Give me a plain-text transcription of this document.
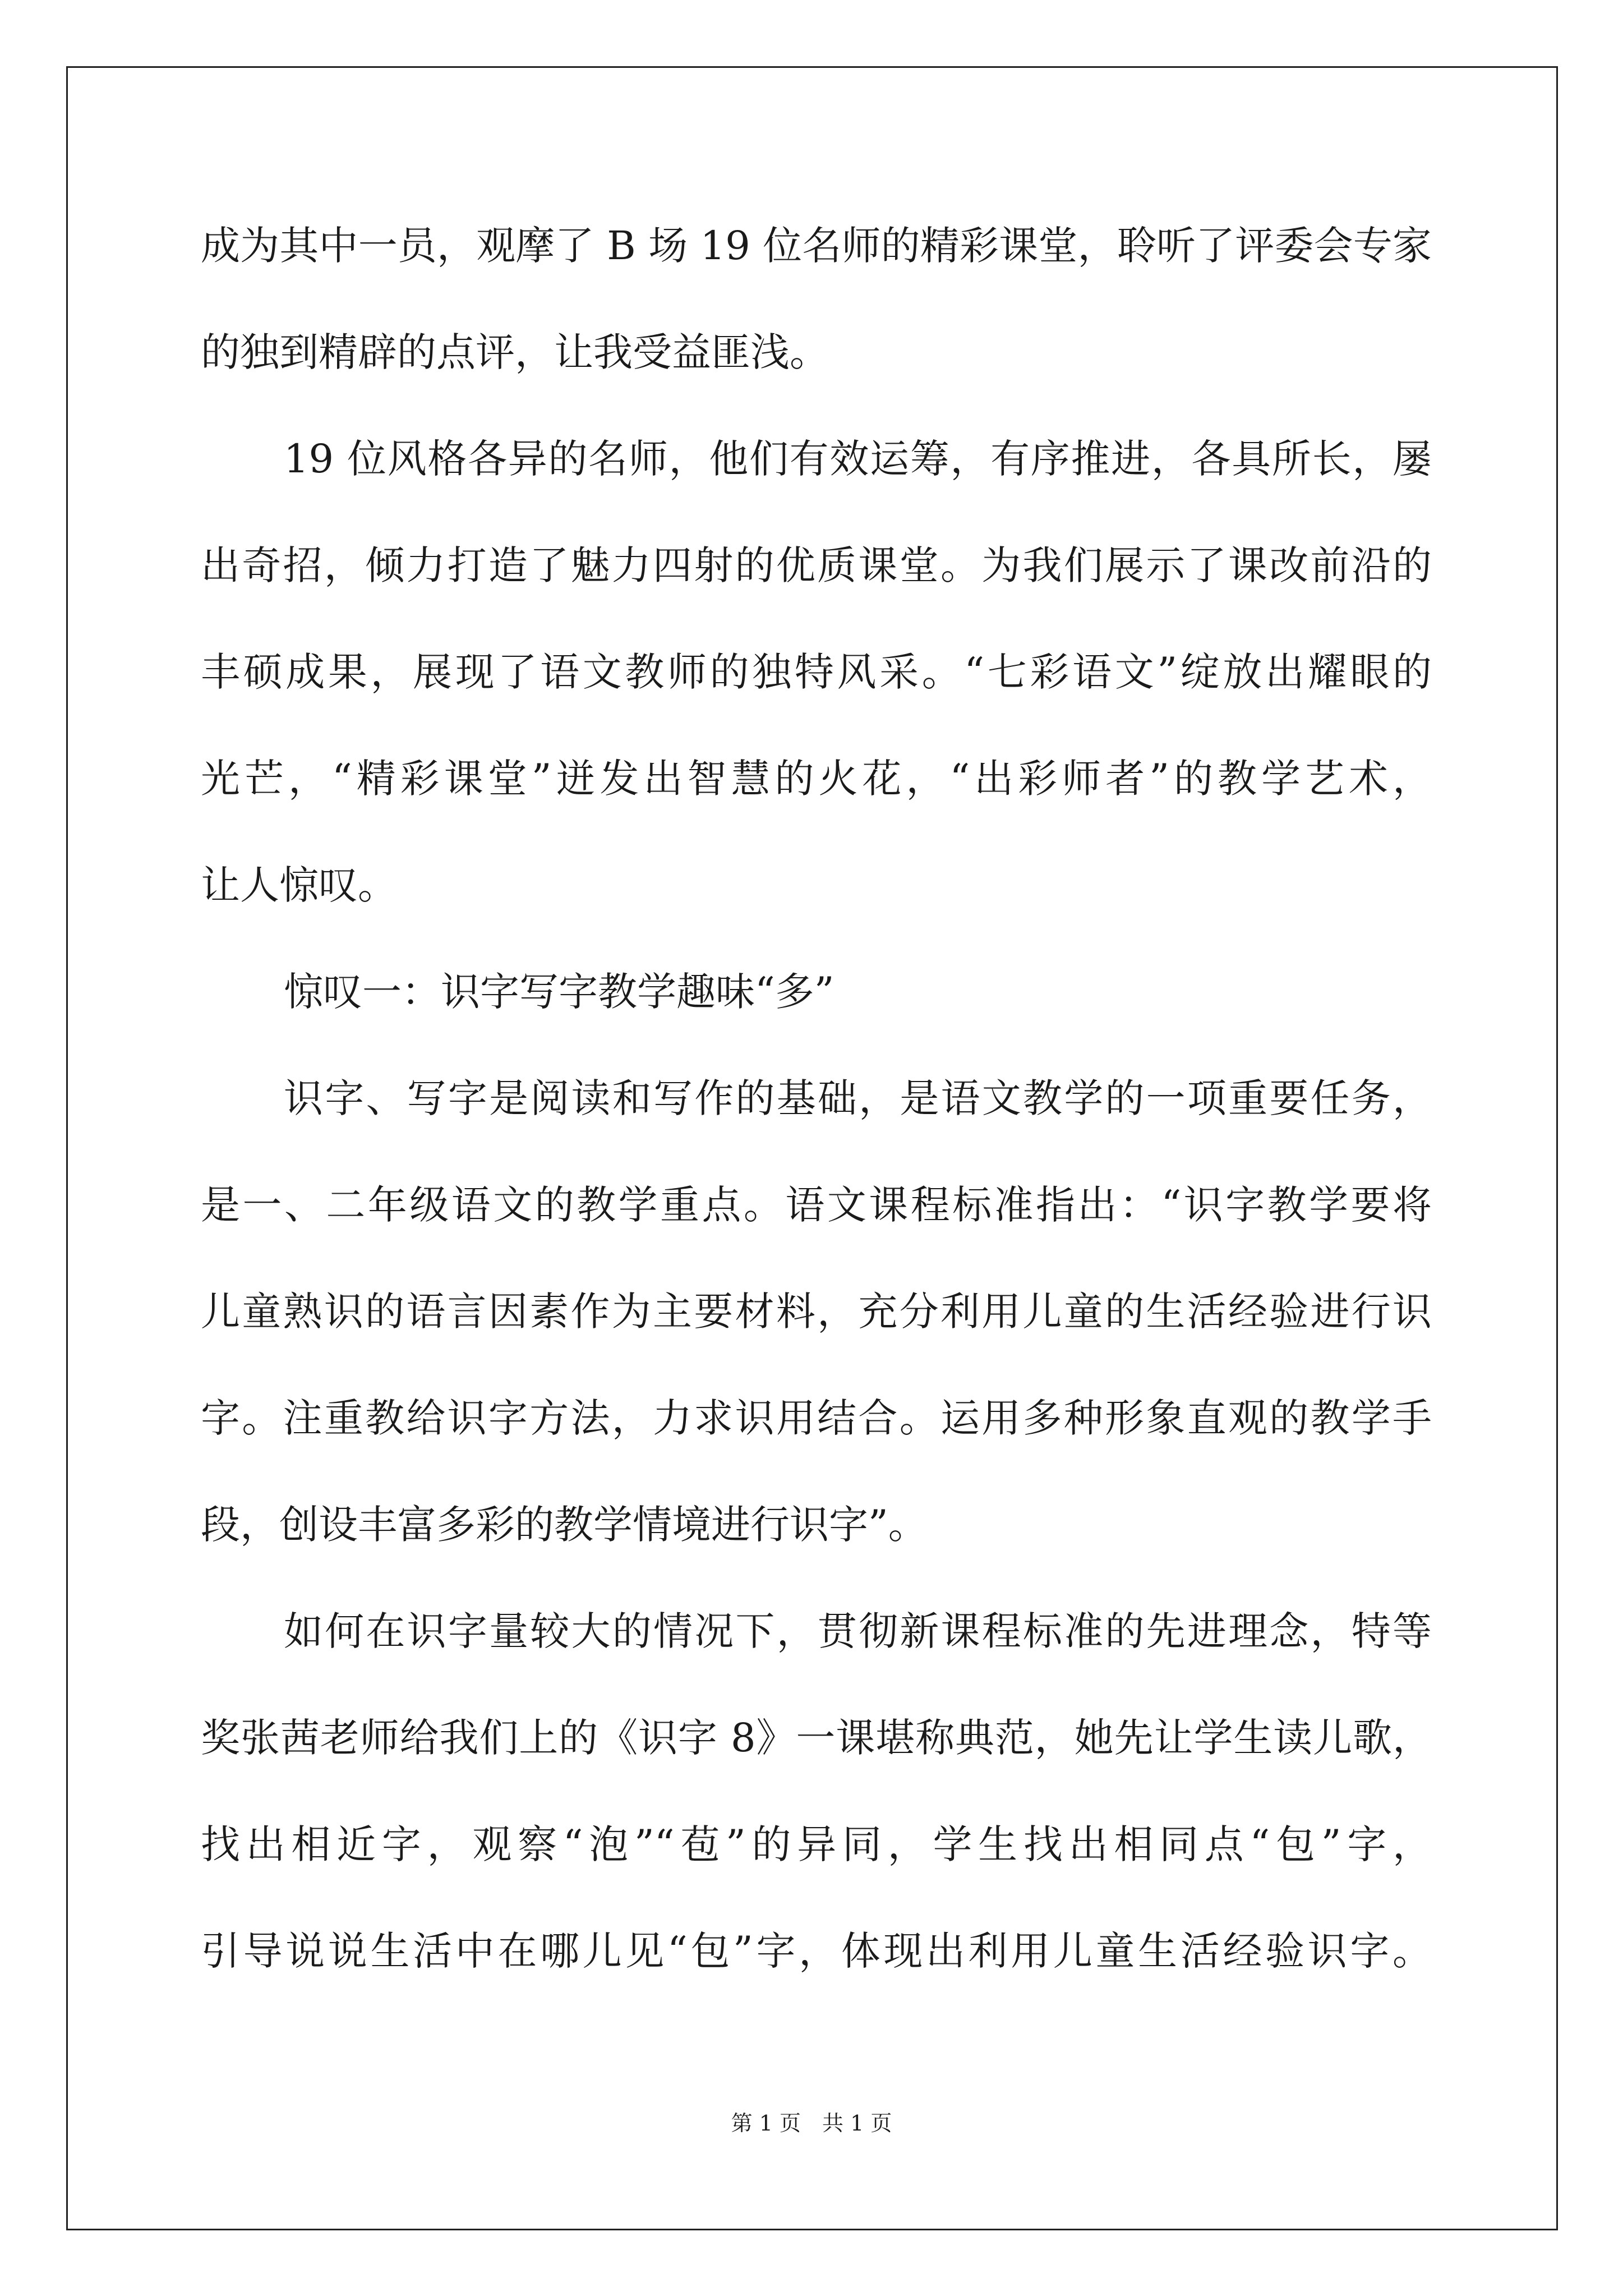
成为其中一员，观摩了 B 场 19 位名师的精彩课堂，聆听了评委会专家
的独到精辟的点评，让我受益匪浅。
19 位风格各异的名师，他们有效运筹，有序推进，各具所长，屡
出奇招，倾力打造了魅力四射的优质课堂。为我们展示了课改前沿的
丰硕成果，展现了语文教师的独特风采。“七彩语文”绽放出耀眼的
光芒，“精彩课堂”迸发出智慧的火花，“出彩师者”的教学艺术，
让人惊叹。
惊叹一：识字写字教学趣味“多”
识字、写字是阅读和写作的基础，是语文教学的一项重要任务，
是一、二年级语文的教学重点。语文课程标准指出：“识字教学要将
儿童熟识的语言因素作为主要材料，充分利用儿童的生活经验进行识
字。注重教给识字方法，力求识用结合。运用多种形象直观的教学手
段，创设丰富多彩的教学情境进行识字”。
如何在识字量较大的情况下，贯彻新课程标准的先进理念，特等
奖张茜老师给我们上的《识字 8》一课堪称典范，她先让学生读儿歌，
找出相近字，观察“泡”“苞”的异同，学生找出相同点“包”字，
引导说说生活中在哪儿见“包”字，体现出利用儿童生活经验识字。
第 1 页　共 1 页
